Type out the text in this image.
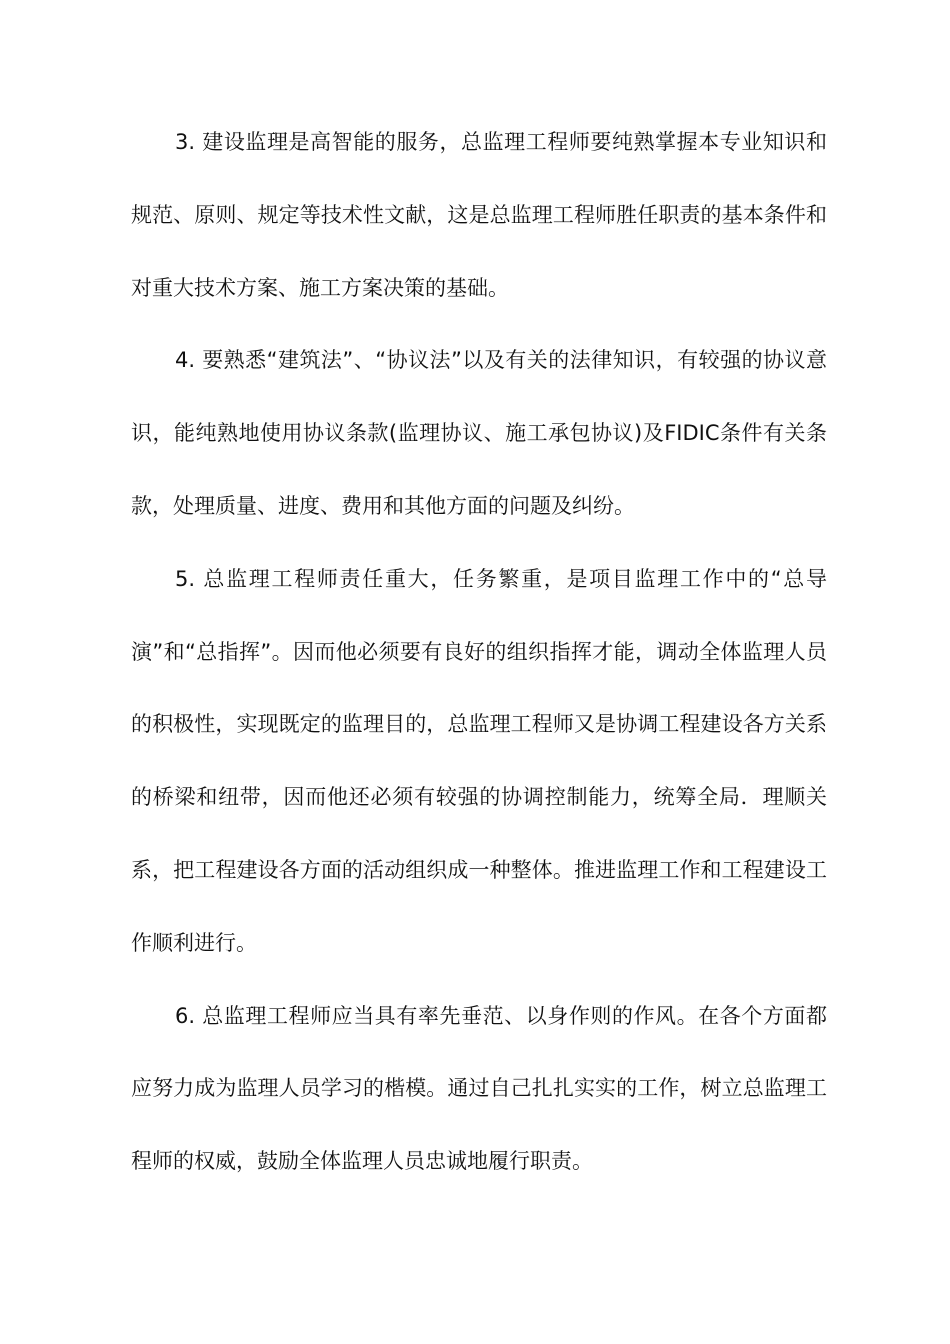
3. 建设监理是高智能的服务，总监理工程师要纯熟掌握本专业知识和规范、原则、规定等技术性文献，这是总监理工程师胜任职责的基本条件和对重大技术方案、施工方案决策的基础。

4. 要熟悉“建筑法”、“协议法”以及有关的法律知识，有较强的协议意识，能纯熟地使用协议条款(监理协议、施工承包协议)及FIDIC条件有关条款，处理质量、进度、费用和其他方面的问题及纠纷。

5. 总监理工程师责任重大，任务繁重，是项目监理工作中的“总导演”和“总指挥”。因而他必须要有良好的组织指挥才能，调动全体监理人员的积极性，实现既定的监理目的，总监理工程师又是协调工程建设各方关系的桥梁和纽带，因而他还必须有较强的协调控制能力，统筹全局．理顺关系，把工程建设各方面的活动组织成一种整体。推进监理工作和工程建设工作顺利进行。

6. 总监理工程师应当具有率先垂范、以身作则的作风。在各个方面都应努力成为监理人员学习的楷模。通过自己扎扎实实的工作，树立总监理工程师的权威，鼓励全体监理人员忠诚地履行职责。
